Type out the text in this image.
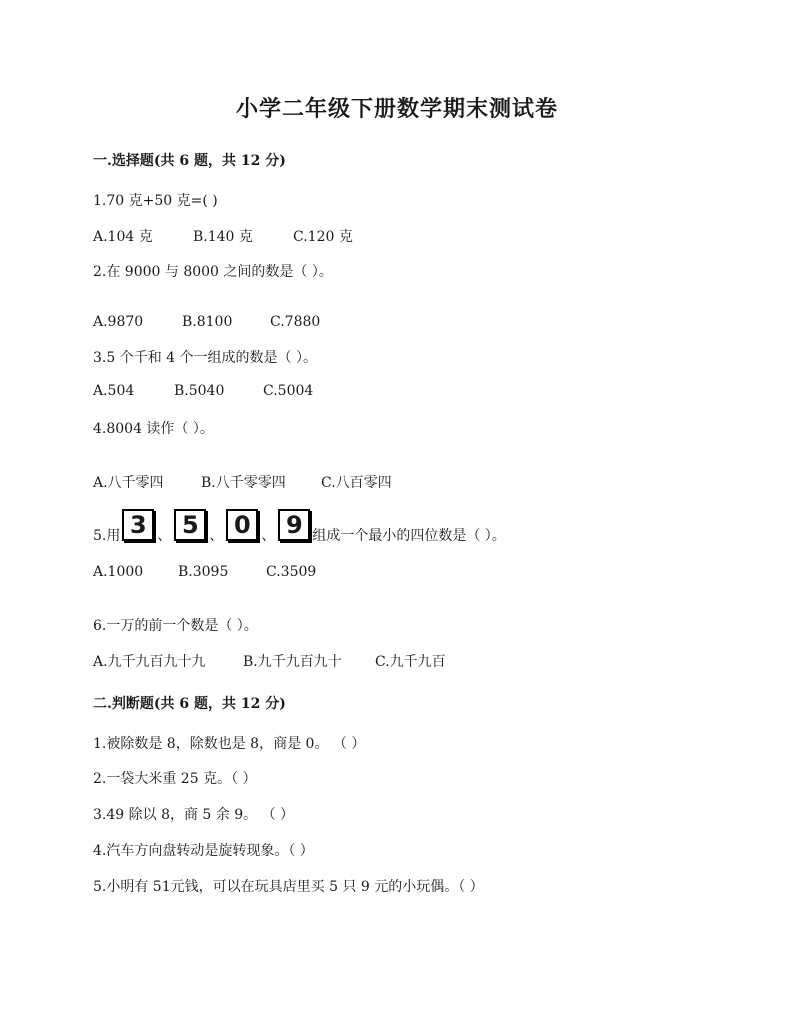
小学二年级下册数学期末测试卷
一.选择题(共 6 题，共 12 分)
1.70 克+50 克=( )
A.104 克	B.140 克	C.120 克
2.在 9000 与 8000 之间的数是（ ）。
A.9870	B.8100	C.7880
3.5 个千和 4 个一组成的数是（ ）。
A.504	B.5040	C.5004
4.8004 读作（ ）。
A.八千零四	B.八千零零四	C.八百零四
5.用 3 、 5 、 0 、 9 组成一个最小的四位数是（ ）。
A.1000 B.3095	C.3509
6.一万的前一个数是（ ）。
A.九千九百九十九	B.九千九百九十 C.九千九百
二.判断题(共 6 题，共 12 分)
1.被除数是 8，除数也是 8，商是 0。 （ ）
2.一袋大米重 25 克。（ ）
3.49 除以 8，商 5 余 9。 （ ）
4.汽车方向盘转动是旋转现象。（ ）
5.小明有 51元钱，可以在玩具店里买 5 只 9 元的小玩偶。（ ）
